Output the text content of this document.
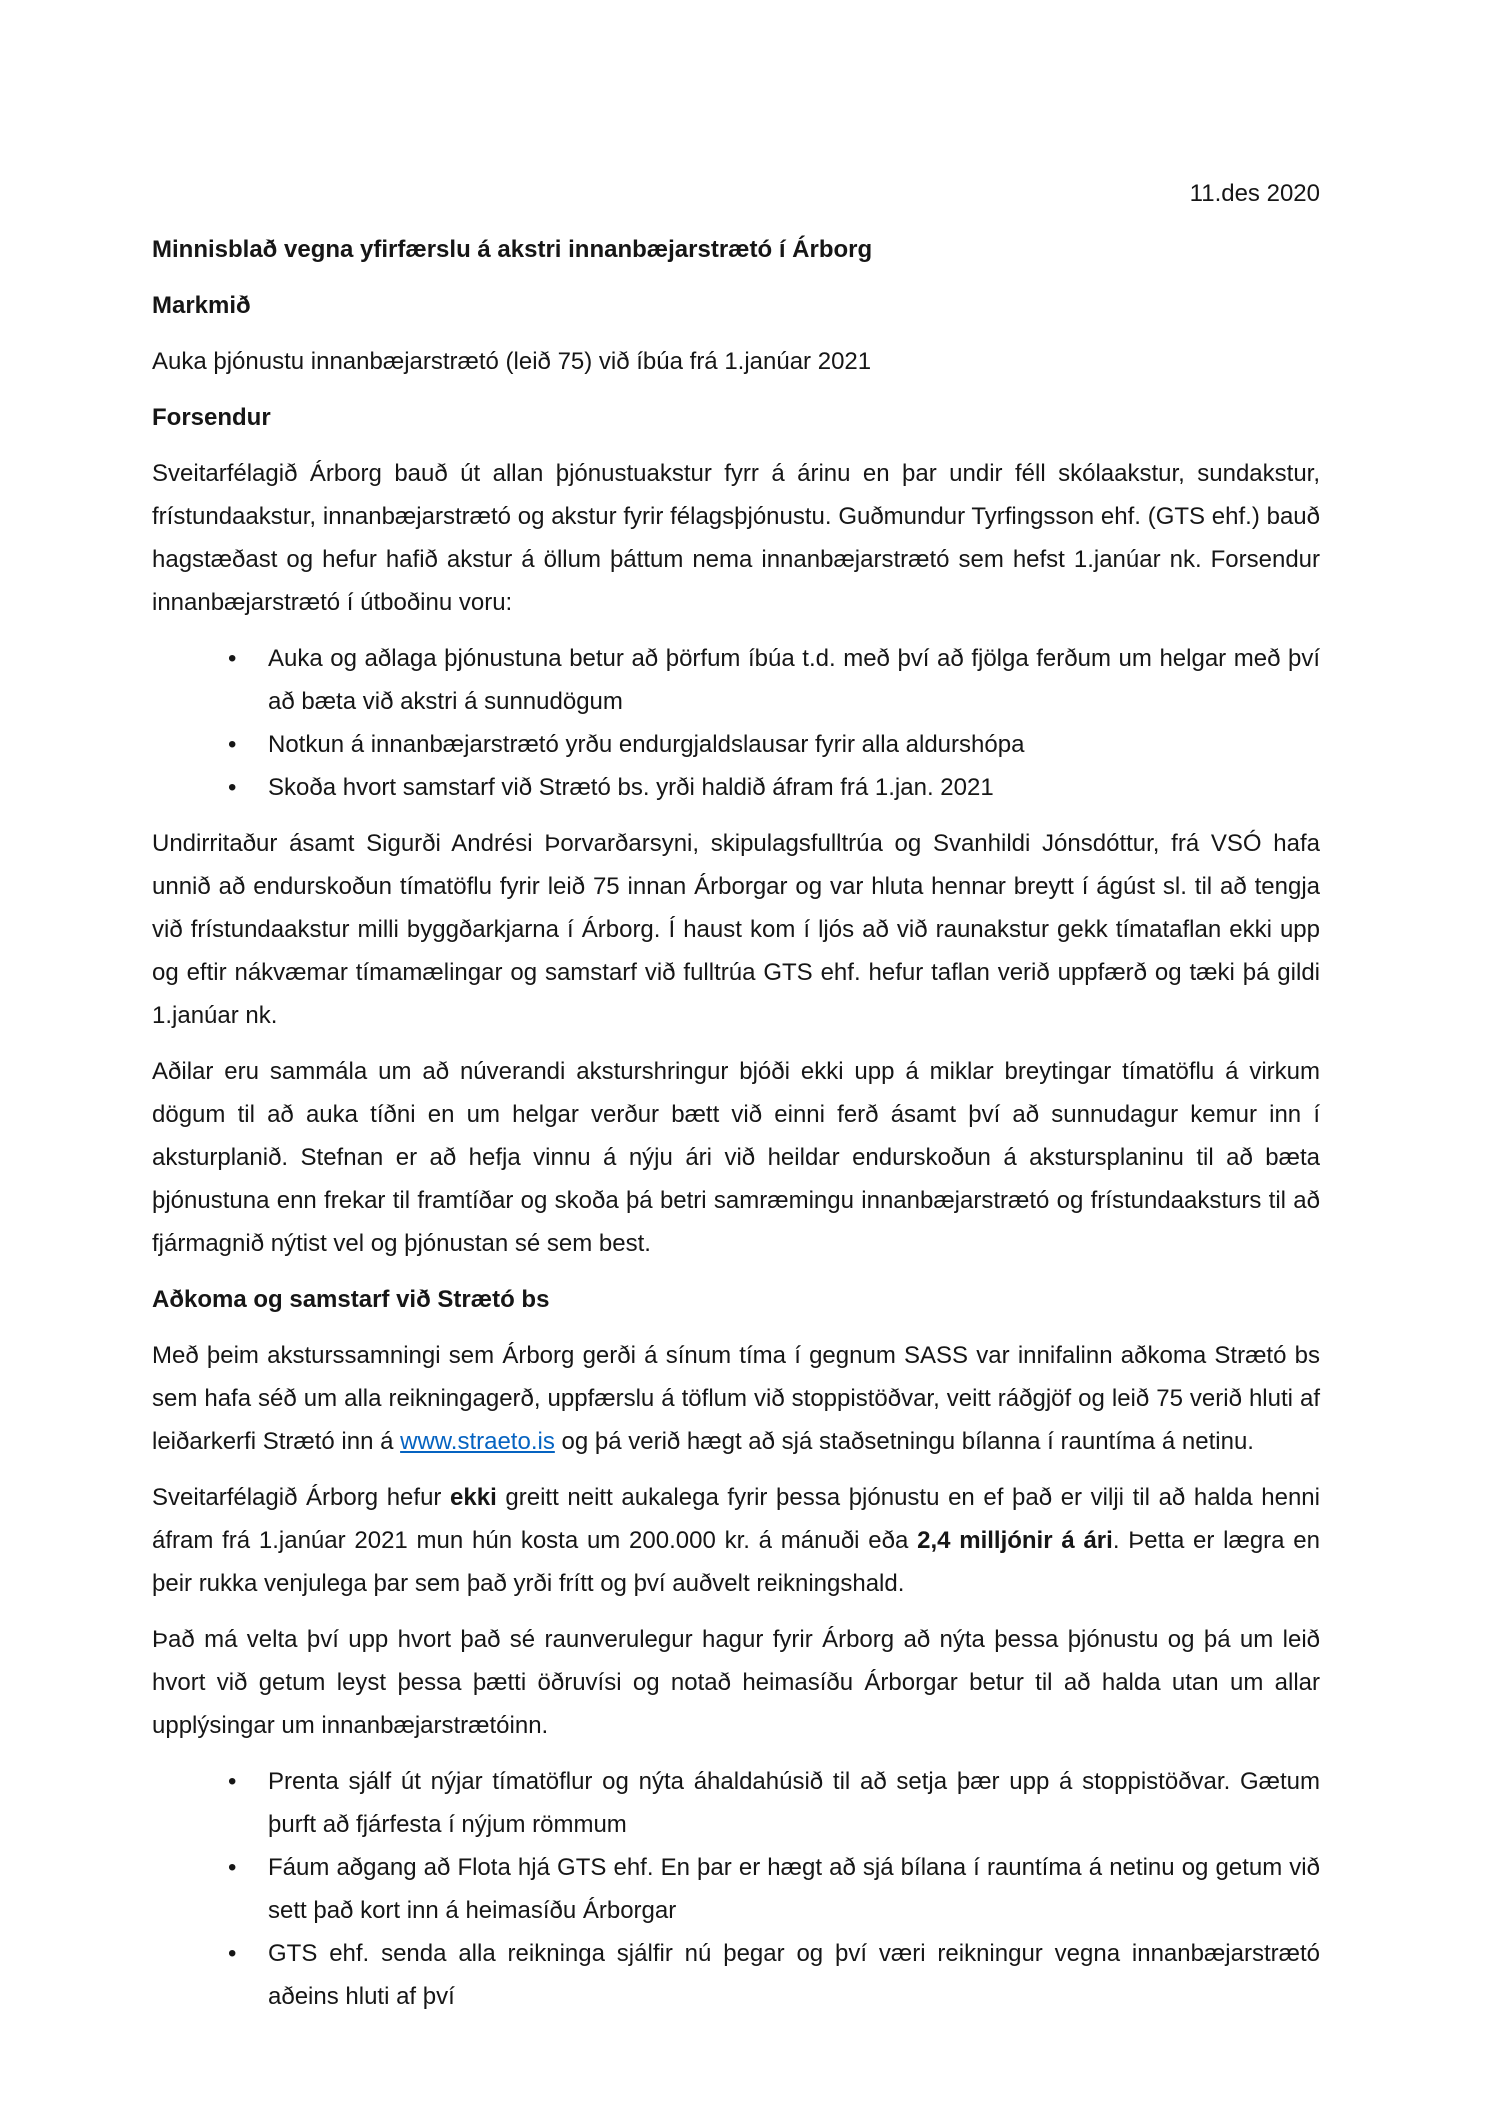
11.des 2020

Minnisblað vegna yfirfærslu á akstri innanbæjarstrætó í Árborg

Markmið

Auka þjónustu innanbæjarstrætó (leið 75) við íbúa frá 1.janúar 2021

Forsendur

Sveitarfélagið Árborg bauð út allan þjónustuakstur fyrr á árinu en þar undir féll skólaakstur, sundakstur, frístundaakstur, innanbæjarstrætó og akstur fyrir félagsþjónustu. Guðmundur Tyrfingsson ehf. (GTS ehf.) bauð hagstæðast og hefur hafið akstur á öllum þáttum nema innanbæjarstrætó sem hefst 1.janúar nk. Forsendur innanbæjarstrætó í útboðinu voru:

• Auka og aðlaga þjónustuna betur að þörfum íbúa t.d. með því að fjölga ferðum um helgar með því að bæta við akstri á sunnudögum
• Notkun á innanbæjarstrætó yrðu endurgjaldslausar fyrir alla aldurshópa
• Skoða hvort samstarf við Strætó bs. yrði haldið áfram frá 1.jan. 2021

Undirritaður ásamt Sigurði Andrési Þorvarðarsyni, skipulagsfulltrúa og Svanhildi Jónsdóttur, frá VSÓ hafa unnið að endurskoðun tímatöflu fyrir leið 75 innan Árborgar og var hluta hennar breytt í ágúst sl. til að tengja við frístundaakstur milli byggðarkjarna í Árborg. Í haust kom í ljós að við raunakstur gekk tímataflan ekki upp og eftir nákvæmar tímamælingar og samstarf við fulltrúa GTS ehf. hefur taflan verið uppfærð og tæki þá gildi 1.janúar nk.

Aðilar eru sammála um að núverandi aksturshringur bjóði ekki upp á miklar breytingar tímatöflu á virkum dögum til að auka tíðni en um helgar verður bætt við einni ferð ásamt því að sunnudagur kemur inn í aksturplanið. Stefnan er að hefja vinnu á nýju ári við heildar endurskoðun á akstursplaninu til að bæta þjónustuna enn frekar til framtíðar og skoða þá betri samræmingu innanbæjarstrætó og frístundaaksturs til að fjármagnið nýtist vel og þjónustan sé sem best.

Aðkoma og samstarf við Strætó bs

Með þeim aksturssamningi sem Árborg gerði á sínum tíma í gegnum SASS var innifalinn aðkoma Strætó bs sem hafa séð um alla reikningagerð, uppfærslu á töflum við stoppistöðvar, veitt ráðgjöf og leið 75 verið hluti af leiðarkerfi Strætó inn á www.straeto.is og þá verið hægt að sjá staðsetningu bílanna í rauntíma á netinu.

Sveitarfélagið Árborg hefur ekki greitt neitt aukalega fyrir þessa þjónustu en ef það er vilji til að halda henni áfram frá 1.janúar 2021 mun hún kosta um 200.000 kr. á mánuði eða 2,4 milljónir á ári. Þetta er lægra en þeir rukka venjulega þar sem það yrði frítt og því auðvelt reikningshald.

Það má velta því upp hvort það sé raunverulegur hagur fyrir Árborg að nýta þessa þjónustu og þá um leið hvort við getum leyst þessa þætti öðruvísi og notað heimasíðu Árborgar betur til að halda utan um allar upplýsingar um innanbæjarstrætóinn.

• Prenta sjálf út nýjar tímatöflur og nýta áhaldahúsið til að setja þær upp á stoppistöðvar. Gætum þurft að fjárfesta í nýjum römmum
• Fáum aðgang að Flota hjá GTS ehf. En þar er hægt að sjá bílana í rauntíma á netinu og getum við sett það kort inn á heimasíðu Árborgar
• GTS ehf. senda alla reikninga sjálfir nú þegar og því væri reikningur vegna innanbæjarstrætó aðeins hluti af því
